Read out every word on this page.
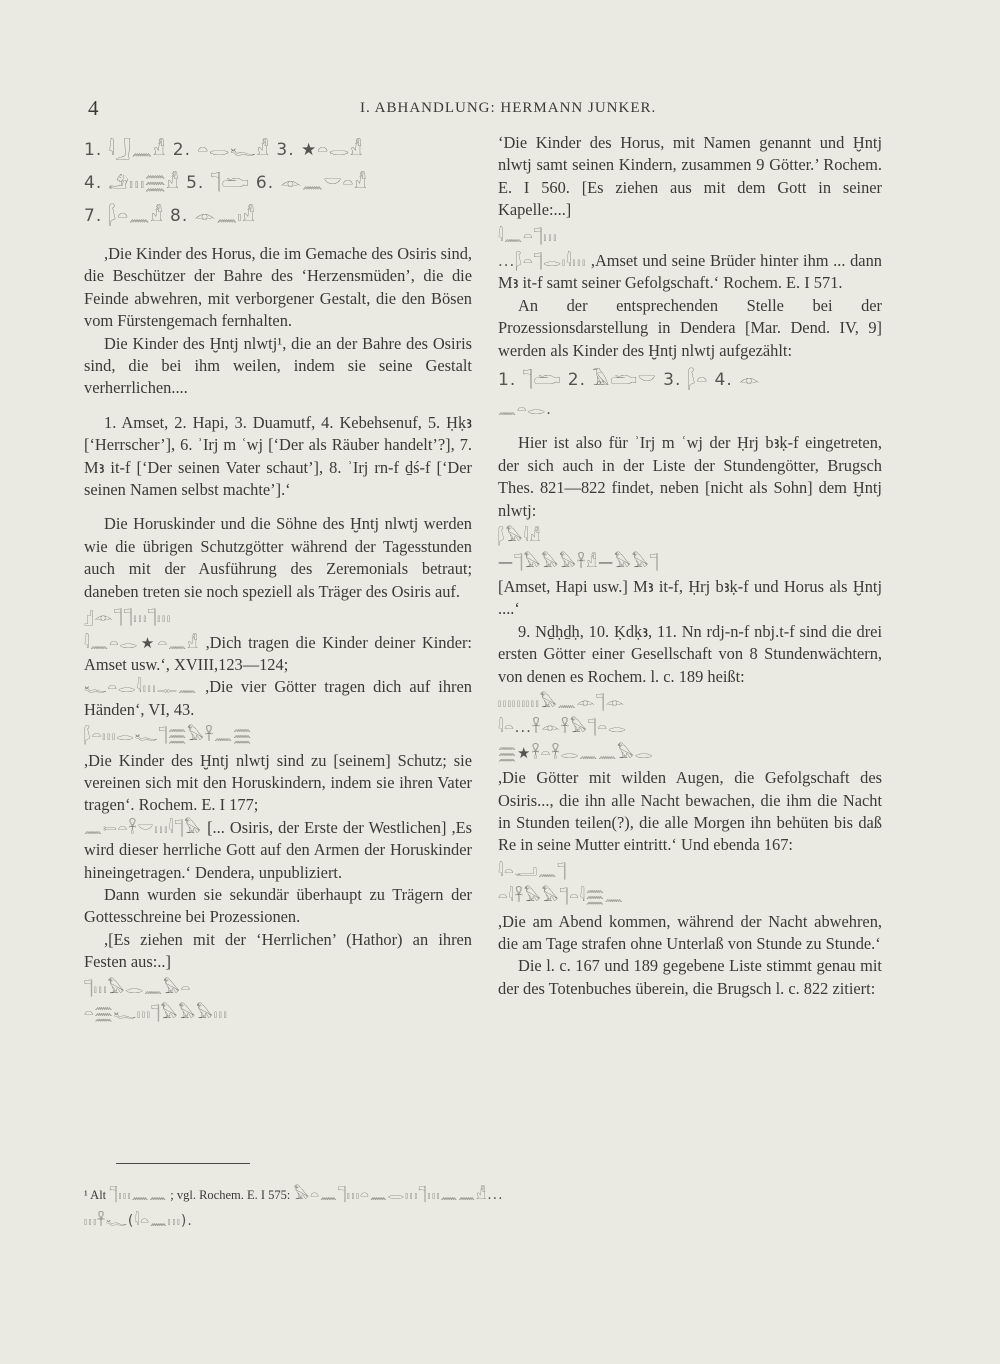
4	I. ABHANDLUNG: HERMANN JUNKER.
1. 𓇋𓃀𓈖𓀭 2. 𓏏𓂋𓆑𓀭 3. ★𓏏𓂋𓀭
4. 𓄂𓏥𓈗𓀭 5. 𓊹𓂧 6. 𓁹𓈖𓎟𓏏𓀭
7. 𓆄𓏏𓈖𓀭 8. 𓁹𓈖𓏤𓀭

,Die Kinder des Horus, die im Gemache des Osiris sind, die Beschützer der Bahre des ‘Herzensmüden’, die die Feinde abwehren, mit verborgener Gestalt, die den Bösen vom Fürstengemach fernhalten.

Die Kinder des Ḫntj nlwtj¹, die an der Bahre des Osiris sind, die bei ihm weilen, indem sie seine Gestalt verherrlichen....

1. Amset, 2. Hapi, 3. Duamutf, 4. Kebehsenuf, 5. Ḥḳꜣ [‘Herrscher’], 6. ʾIrj m ʿwj [‘Der als Räuber handelt’?], 7. Mꜣ it-f [‘Der seinen Vater schaut’], 8. ʾIrj rn-f ḏś-f [‘Der seinen Namen selbst machte’].‘

Die Horuskinder und die Söhne des Ḫntj nlwtj werden wie die übrigen Schutzgötter während der Tagesstunden auch mit der Ausführung des Zeremonials betraut; daneben treten sie noch speziell als Träger des Osiris auf.

𓊨𓁹𓊹𓊹𓏥𓊹𓏥

𓇋𓈖𓏏𓂋★𓏏𓈖𓀭 ,Dich tragen die Kinder deiner Kinder: Amset usw.‘, XVIII,123—124;

𓆑𓏏𓂋𓇋𓏥𓊃𓈖 ,Die vier Götter tragen dich auf ihren Händen‘, VI, 43.

𓆄𓏏𓏥𓂋𓆑𓊹𓈗𓅃𓋹𓈖𓈗

,Die Kinder des Ḫntj nlwtj sind zu [seinem] Schutz; sie vereinen sich mit den Horuskindern, indem sie ihren Vater tragen‘. Rochem. E. I 177;

𓈖𓍿𓏏𓋹𓎟𓏥𓇋𓊹𓅃 [... Osiris, der Erste der Westlichen] ,Es wird dieser herrliche Gott auf den Armen der Horuskinder hineingetragen.‘ Dendera, unpubliziert.

Dann wurden sie sekundär überhaupt zu Trägern der Gottesschreine bei Prozessionen.

,[Es ziehen mit der ‘Herrlichen’ (Hathor) an ihren Festen aus:..]

𓊹𓏥𓅃𓂋𓈖𓅃𓏏
𓏏𓈗𓆑𓏥𓊹𓅃𓅃𓅃𓏥

‘Die Kinder des Horus, mit Namen genannt und Ḫntj nlwtj samt seinen Kindern, zusammen 9 Götter.’ Rochem. E. I 560. [Es ziehen aus mit dem Gott in seiner Kapelle:...]

𓇋𓈖𓏏𓊹𓏥

...𓆄𓏏𓊹𓂋𓏤𓇋𓏥 ,Amset und seine Brüder hinter ihm ... dann Mꜣ it-f samt seiner Gefolgschaft.‘ Rochem. E. I 571.

An der entsprechenden Stelle bei der Prozessionsdarstellung in Dendera [Mar. Dend. IV, 9] werden als Kinder des Ḫntj nlwtj aufgezählt:

1. 𓊹𓂧 2. 𓄿𓂧𓎟 3. 𓆄𓏏 4. 𓁹
𓈖𓏏𓂋.

Hier ist also für ʾIrj m ʿwj der Ḥrj bꜣḳ-f eingetreten, der sich auch in der Liste der Stundengötter, Brugsch Thes. 821—822 findet, neben [nicht als Sohn] dem Ḫntj nlwtj:

𓆄𓅃𓇋𓀭
—𓊹𓅃𓅃𓅃𓋹𓀭—𓅃𓅃𓊹

[Amset, Hapi usw.] Mꜣ it-f, Ḥrj bꜣḳ-f und Horus als Ḫntj ....‘

9. Nḏḥḏḥ, 10. Ḳdḳꜣ, 11. Nn rdj-n-f nbj.t-f sind die drei ersten Götter einer Gesellschaft von 8 Stundenwächtern, von denen es Rochem. l. c. 189 heißt:

𓏥𓏥𓏥𓅃𓈖𓁹𓊹𓁹
𓇋𓏏...𓋹𓁹𓋹𓅃𓊹𓏏𓂋
𓈗★𓋹𓏏𓋹𓂋𓈖𓈖𓅃𓂋

,Die Götter mit wilden Augen, die Gefolgschaft des Osiris..., die ihn alle Nacht bewachen, die ihm die Nacht in Stunden teilen(?), die alle Morgen ihn behüten bis daß Re in seine Mutter eintritt.‘ Und ebenda 167:

𓇋𓏏𓂝𓈖𓊹
𓏏𓇋𓋹𓅃𓅃𓊹𓏏𓇋𓈗𓈖

,Die am Abend kommen, während der Nacht abwehren, die am Tage strafen ohne Unterlaß von Stunde zu Stunde.‘

Die l. c. 167 und 189 gegebene Liste stimmt genau mit der des Totenbuches überein, die Brugsch l. c. 822 zitiert:

¹ Alt 𓊹𓏥𓈖𓈖 ; vgl. Rochem. E. I 575: 𓅃𓏏𓈖𓊹𓏥𓏏𓈖𓂋𓏥𓊹𓏥𓈖𓈖𓀭...
𓏥𓋹𓆑(𓇋𓏏𓈖𓏥).
